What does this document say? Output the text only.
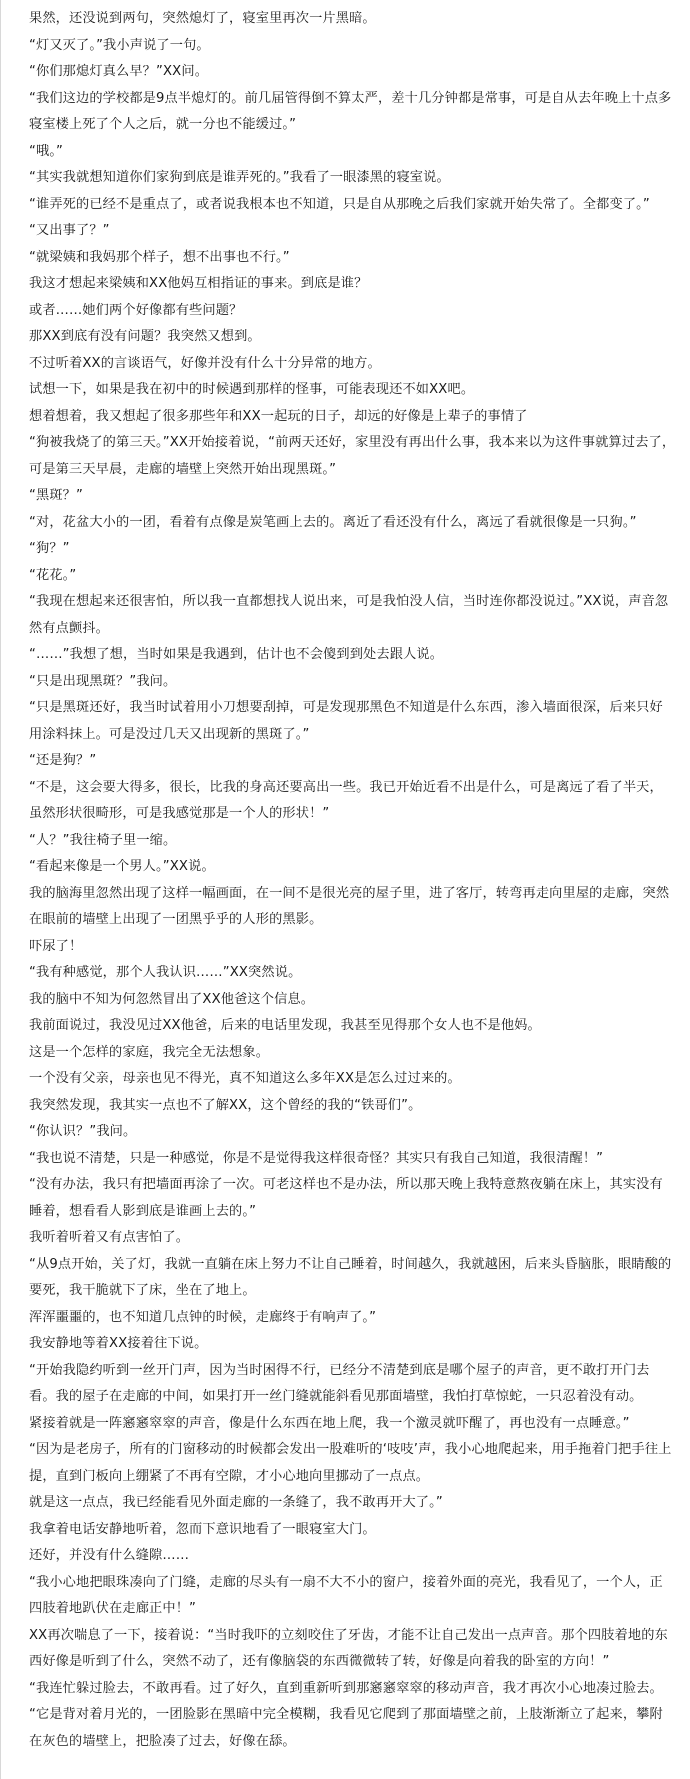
果然，还没说到两句，突然熄灯了，寝室里再次一片黑暗。

“灯又灭了。”我小声说了一句。

“你们那熄灯真么早？”XX问。

“我们这边的学校都是9点半熄灯的。前几届管得倒不算太严，差十几分钟都是常事，可是自从去年晚上十点多寝室楼上死了个人之后，就一分也不能缓过。”

“哦。”

“其实我就想知道你们家狗到底是谁弄死的。”我看了一眼漆黑的寝室说。

“谁弄死的已经不是重点了，或者说我根本也不知道，只是自从那晚之后我们家就开始失常了。全都变了。”

“又出事了？”

“就梁姨和我妈那个样子，想不出事也不行。”

我这才想起来梁姨和XX他妈互相指证的事来。到底是谁？

或者……她们两个好像都有些问题？

那XX到底有没有问题？我突然又想到。

不过听着XX的言谈语气，好像并没有什么十分异常的地方。

试想一下，如果是我在初中的时候遇到那样的怪事，可能表现还不如XX吧。

想着想着，我又想起了很多那些年和XX一起玩的日子，却远的好像是上辈子的事情了

“狗被我烧了的第三天。”XX开始接着说，“前两天还好，家里没有再出什么事，我本来以为这件事就算过去了，可是第三天早晨，走廊的墙壁上突然开始出现黑斑。”

“黑斑？”

“对，花盆大小的一团，看着有点像是炭笔画上去的。离近了看还没有什么，离远了看就很像是一只狗。”

“狗？”

“花花。”

“我现在想起来还很害怕，所以我一直都想找人说出来，可是我怕没人信，当时连你都没说过。”XX说，声音忽然有点颤抖。

“……”我想了想，当时如果是我遇到，估计也不会傻到到处去跟人说。

“只是出现黑斑？”我问。

“只是黑斑还好，我当时试着用小刀想要刮掉，可是发现那黑色不知道是什么东西，渗入墙面很深，后来只好用涂料抹上。可是没过几天又出现新的黑斑了。”

“还是狗？”

“不是，这会要大得多，很长，比我的身高还要高出一些。我已开始近看不出是什么，可是离远了看了半天，虽然形状很畸形，可是我感觉那是一个人的形状！”

“人？”我往椅子里一缩。

“看起来像是一个男人。”XX说。

我的脑海里忽然出现了这样一幅画面，在一间不是很光亮的屋子里，进了客厅，转弯再走向里屋的走廊，突然在眼前的墙壁上出现了一团黑乎乎的人形的黑影。

吓尿了！

“我有种感觉，那个人我认识……”XX突然说。

我的脑中不知为何忽然冒出了XX他爸这个信息。

我前面说过，我没见过XX他爸，后来的电话里发现，我甚至见得那个女人也不是他妈。

这是一个怎样的家庭，我完全无法想象。

一个没有父亲，母亲也见不得光，真不知道这么多年XX是怎么过过来的。

我突然发现，我其实一点也不了解XX，这个曾经的我的“铁哥们”。

“你认识？”我问。

“我也说不清楚，只是一种感觉，你是不是觉得我这样很奇怪？其实只有我自己知道，我很清醒！”

“没有办法，我只有把墙面再涂了一次。可老这样也不是办法，所以那天晚上我特意熬夜躺在床上，其实没有睡着，想看看人影到底是谁画上去的。”

我听着听着又有点害怕了。

“从9点开始，关了灯，我就一直躺在床上努力不让自己睡着，时间越久，我就越困，后来头昏脑胀，眼睛酸的要死，我干脆就下了床，坐在了地上。

浑浑噩噩的，也不知道几点钟的时候，走廊终于有响声了。”

我安静地等着XX接着往下说。

“开始我隐约听到一丝开门声，因为当时困得不行，已经分不清楚到底是哪个屋子的声音，更不敢打开门去看。我的屋子在走廊的中间，如果打开一丝门缝就能斜看见那面墙壁，我怕打草惊蛇，一只忍着没有动。

紧接着就是一阵窸窸窣窣的声音，像是什么东西在地上爬，我一个激灵就吓醒了，再也没有一点睡意。”

“因为是老房子，所有的门窗移动的时候都会发出一股难听的‘吱吱’声，我小心地爬起来，用手拖着门把手往上提，直到门板向上绷紧了不再有空隙，才小心地向里挪动了一点点。

就是这一点点，我已经能看见外面走廊的一条缝了，我不敢再开大了。”

我拿着电话安静地听着，忽而下意识地看了一眼寝室大门。

还好，并没有什么缝隙……

“我小心地把眼珠凑向了门缝，走廊的尽头有一扇不大不小的窗户，接着外面的亮光，我看见了，一个人，正四肢着地趴伏在走廊正中！”

XX再次喘息了一下，接着说：“当时我吓的立刻咬住了牙齿，才能不让自己发出一点声音。那个四肢着地的东西好像是听到了什么，突然不动了，还有像脑袋的东西微微转了转，好像是向着我的卧室的方向！”

“我连忙躲过脸去，不敢再看。过了好久，直到重新听到那窸窸窣窣的移动声音，我才再次小心地凑过脸去。

“它是背对着月光的，一团脸影在黑暗中完全模糊，我看见它爬到了那面墙壁之前，上肢渐渐立了起来，攀附在灰色的墙壁上，把脸凑了过去，好像在舔。
